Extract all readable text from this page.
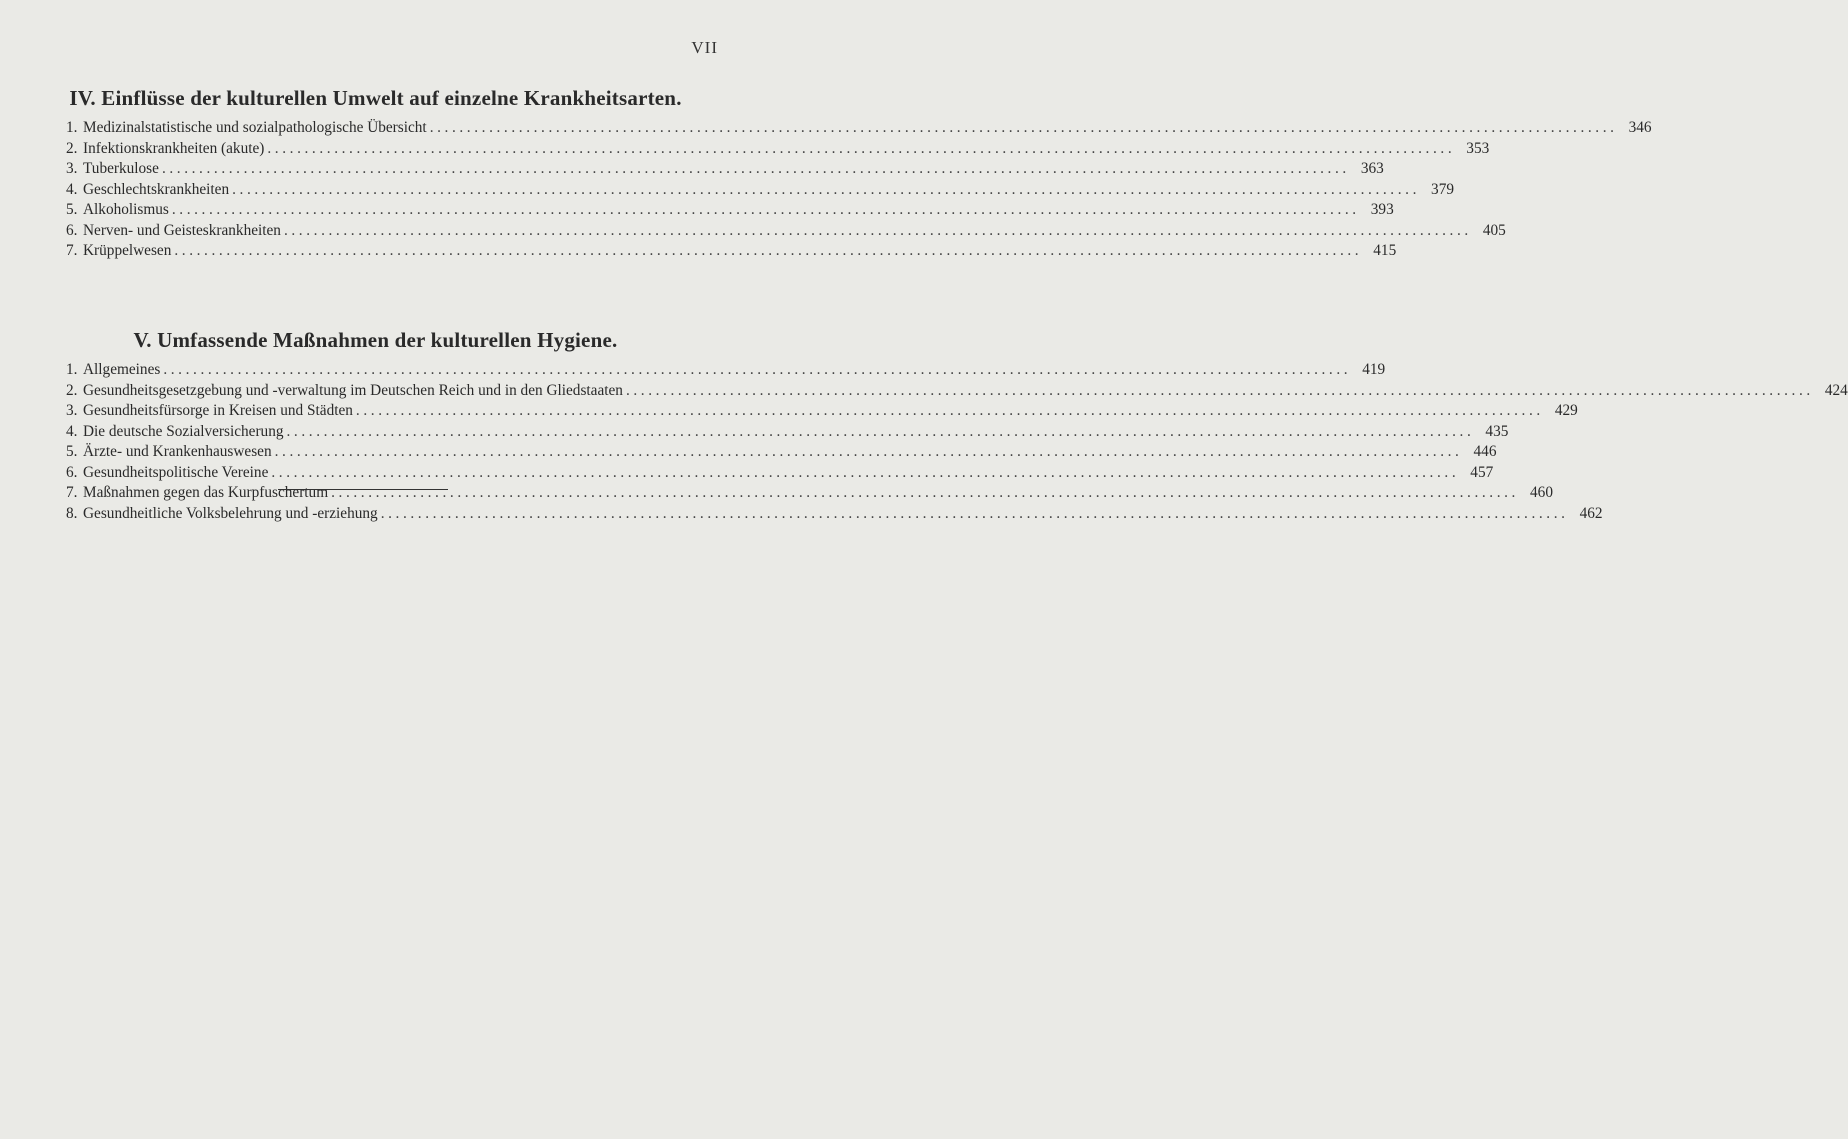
VII
IV. Einflüsse der kulturellen Umwelt auf einzelne Krankheitsarten.
1. Medizinalstatistische und sozialpathologische Übersicht ................................................................................................................................................................ 346
2. Infektionskrankheiten (akute) ................................................................................................................................................................ 353
3. Tuberkulose ................................................................................................................................................................ 363
4. Geschlechtskrankheiten ................................................................................................................................................................ 379
5. Alkoholismus ................................................................................................................................................................ 393
6. Nerven- und Geisteskrankheiten ................................................................................................................................................................ 405
7. Krüppelwesen ................................................................................................................................................................ 415
V. Umfassende Maßnahmen der kulturellen Hygiene.
1. Allgemeines ................................................................................................................................................................ 419
2. Gesundheitsgesetzgebung und -verwaltung im Deutschen Reich und in den Gliedstaaten ................................................................................................................................................................ 424
3. Gesundheitsfürsorge in Kreisen und Städten ................................................................................................................................................................ 429
4. Die deutsche Sozialversicherung ................................................................................................................................................................ 435
5. Ärzte- und Krankenhauswesen ................................................................................................................................................................ 446
6. Gesundheitspolitische Vereine ................................................................................................................................................................ 457
7. Maßnahmen gegen das Kurpfuschertum ................................................................................................................................................................ 460
8. Gesundheitliche Volksbelehrung und -erziehung ................................................................................................................................................................ 462
